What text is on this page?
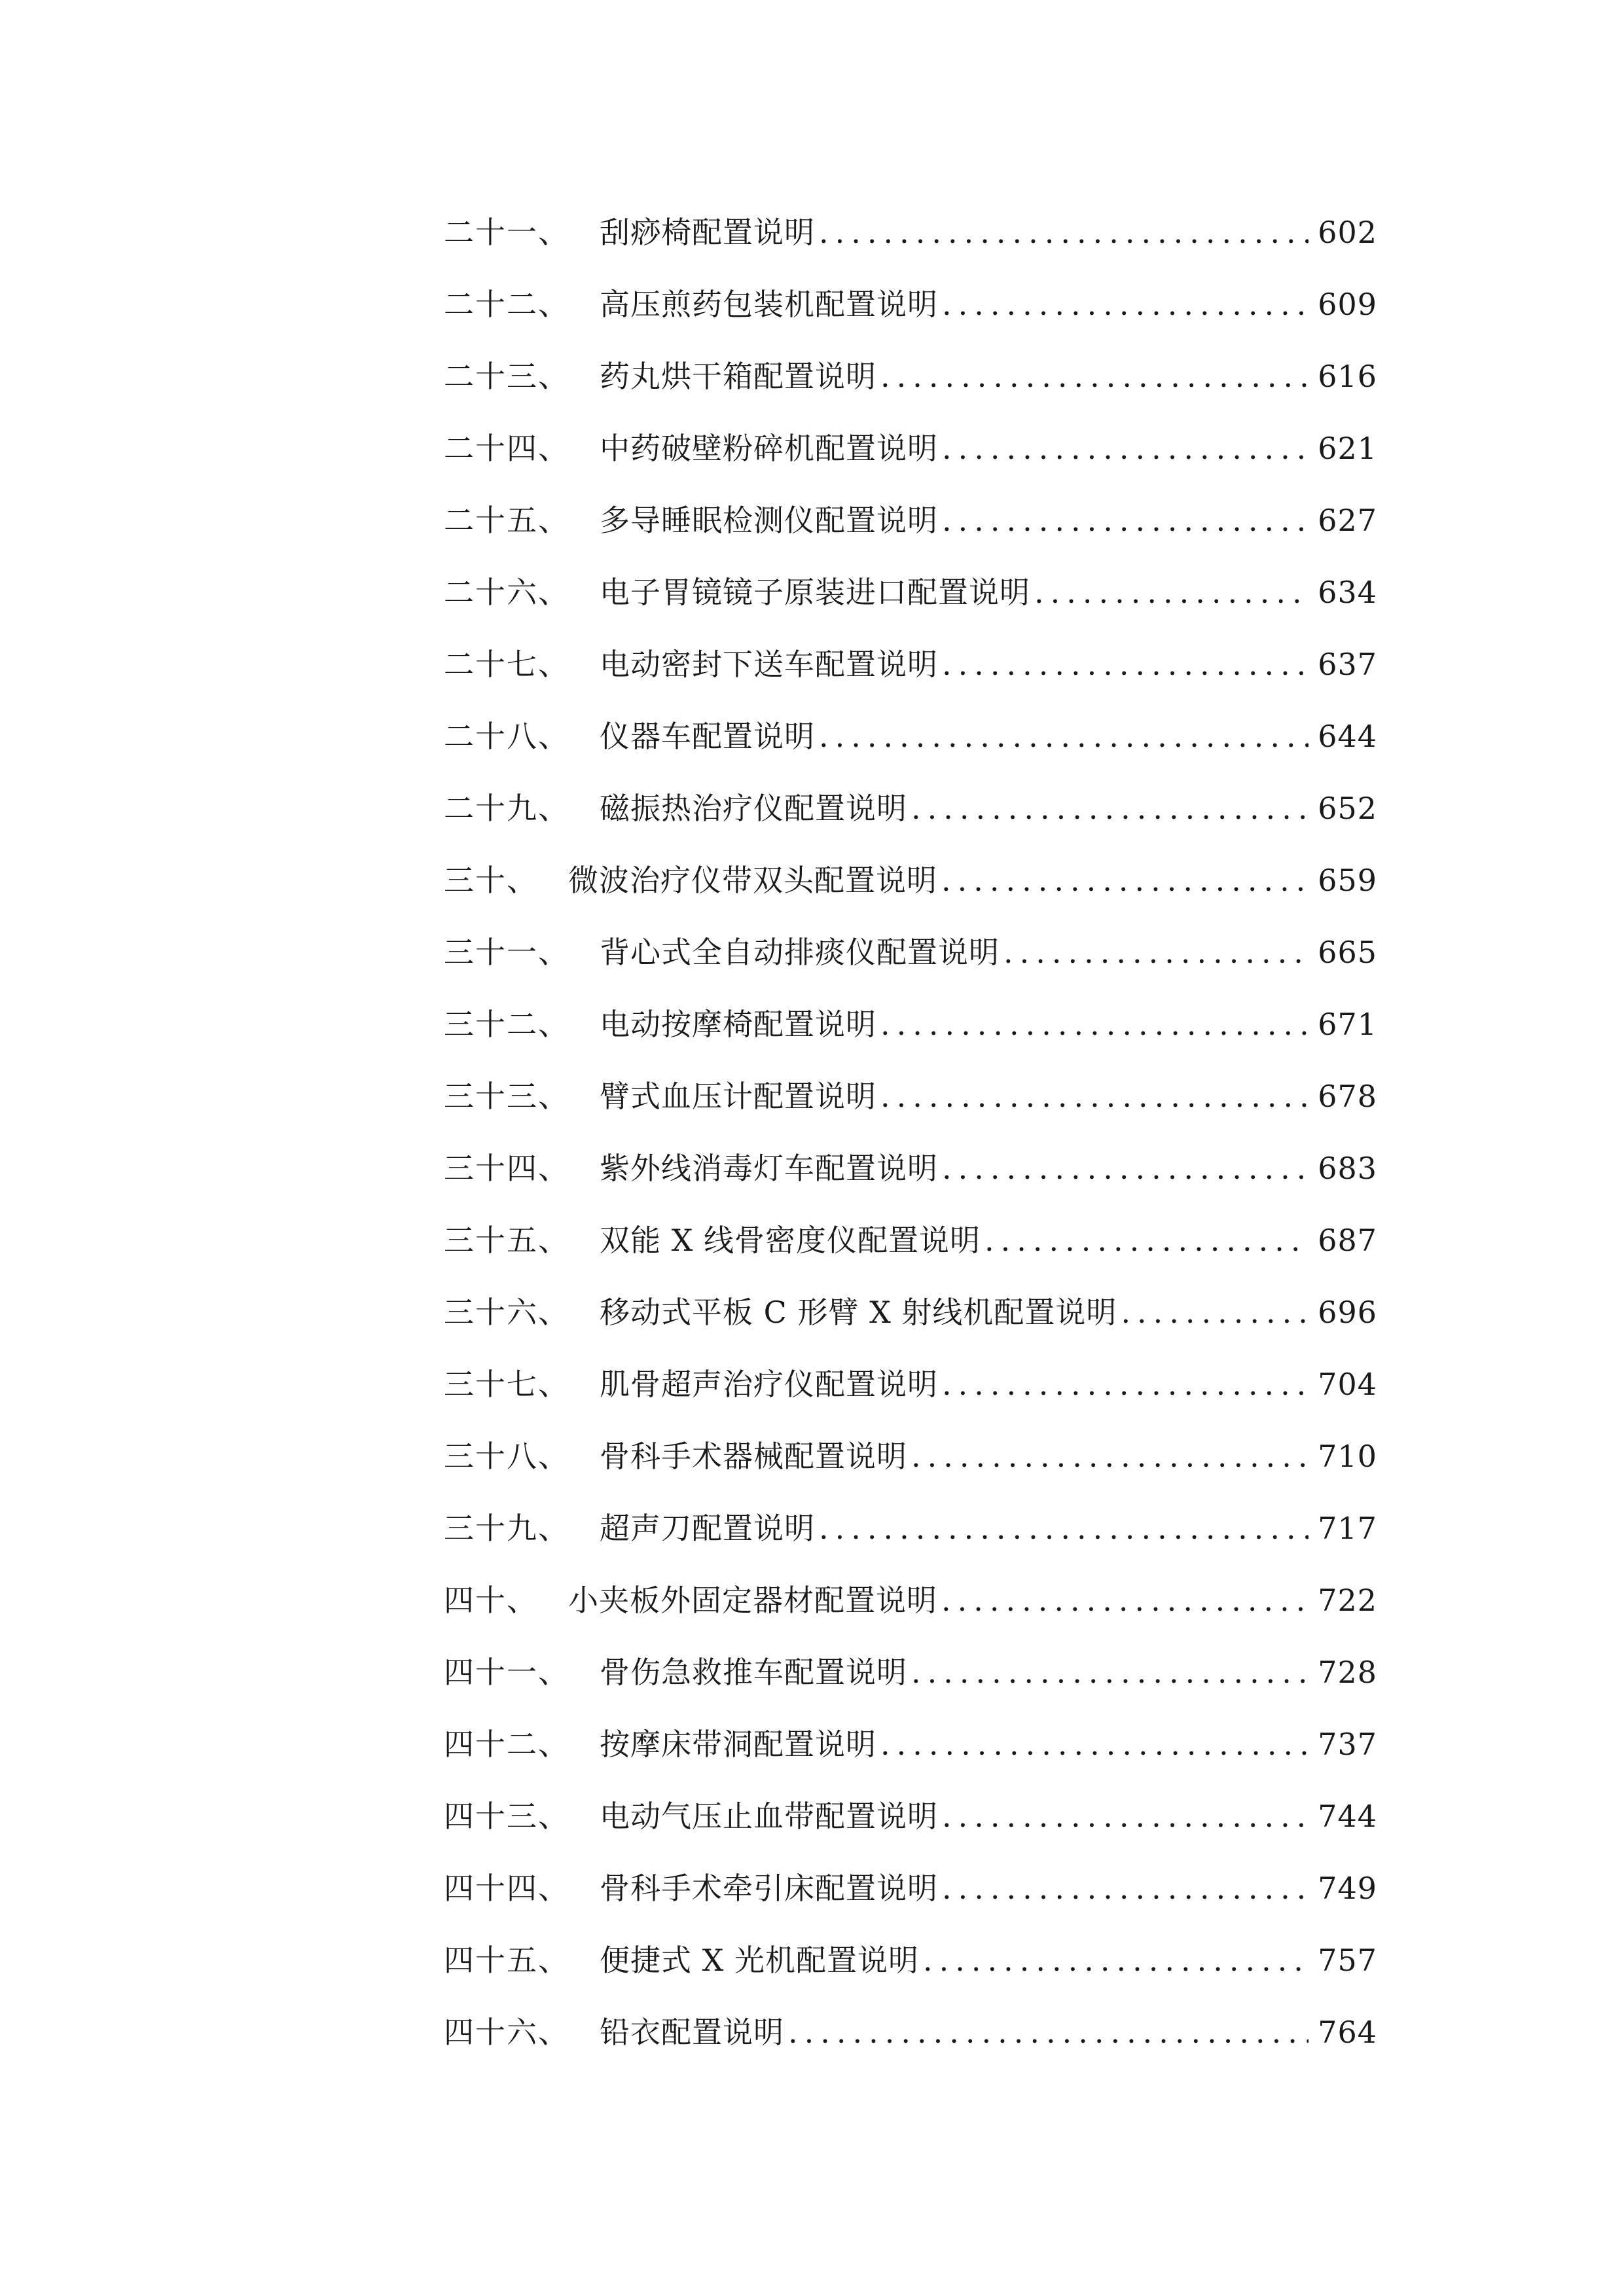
二十一、 刮痧椅配置说明 .....	602
二十二、 高压煎药包装机配置说明 .....	609
二十三、 药丸烘干箱配置说明 .....	616
二十四、 中药破壁粉碎机配置说明 .....	621
二十五、 多导睡眠检测仪配置说明 .....	627
二十六、 电子胃镜镜子原装进口配置说明 .....	634
二十七、 电动密封下送车配置说明 .....	637
二十八、 仪器车配置说明 .....	644
二十九、 磁振热治疗仪配置说明 .....	652
三十、 微波治疗仪带双头配置说明 .....	659
三十一、 背心式全自动排痰仪配置说明 .....	665
三十二、 电动按摩椅配置说明 .....	671
三十三、 臂式血压计配置说明 .....	678
三十四、 紫外线消毒灯车配置说明 .....	683
三十五、 双能 X 线骨密度仪配置说明 .....	687
三十六、 移动式平板 C 形臂 X 射线机配置说明 .....	696
三十七、 肌骨超声治疗仪配置说明 .....	704
三十八、 骨科手术器械配置说明 .....	710
三十九、 超声刀配置说明 .....	717
四十、 小夹板外固定器材配置说明 .....	722
四十一、 骨伤急救推车配置说明 .....	728
四十二、 按摩床带洞配置说明 .....	737
四十三、 电动气压止血带配置说明 .....	744
四十四、 骨科手术牵引床配置说明 .....	749
四十五、 便捷式 X 光机配置说明 .....	757
四十六、 铅衣配置说明 .....	764
